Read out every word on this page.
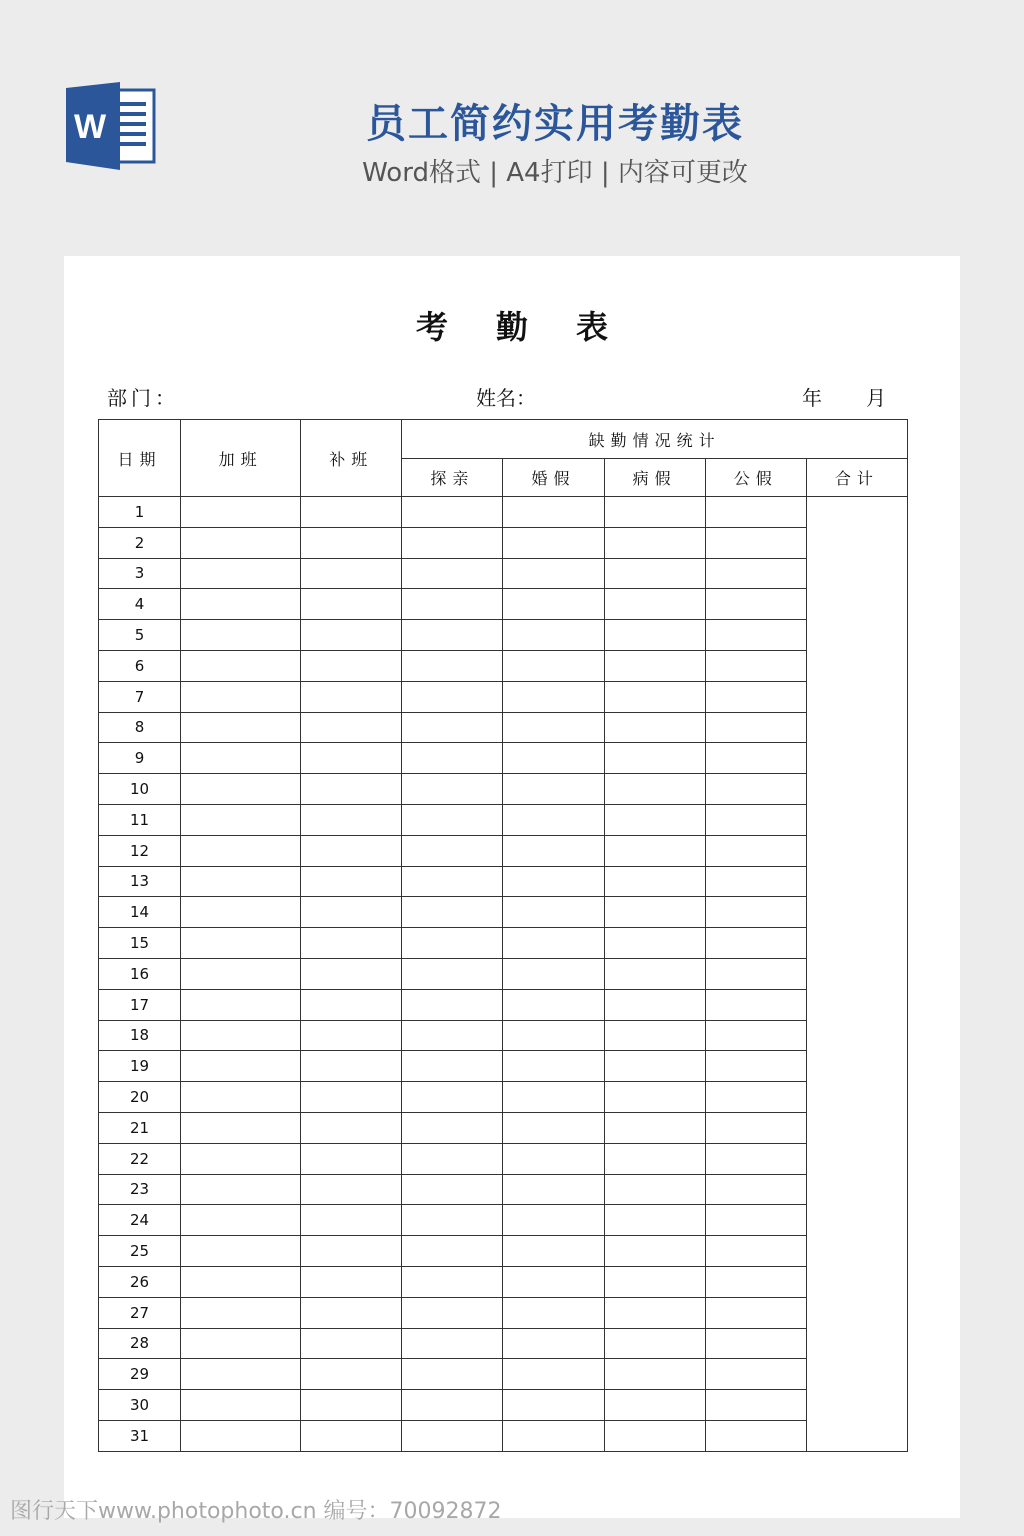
W	员工简约实用考勤表
Word格式 | A4打印 | 内容可更改
考勤表
部门：	姓名：	年 月
日期	加班	补班	缺勤情况统计				
			探亲	婚假	病假	公假	合计
1							
2							
3							
4							
5							
6							
7							
8							
9							
10							
11							
12							
13							
14							
15							
16							
17							
18							
19							
20							
21							
22							
23							
24							
25							
26							
27							
28							
29							
30							
31							
图行天下www.photophoto.cn 编号：70092872
